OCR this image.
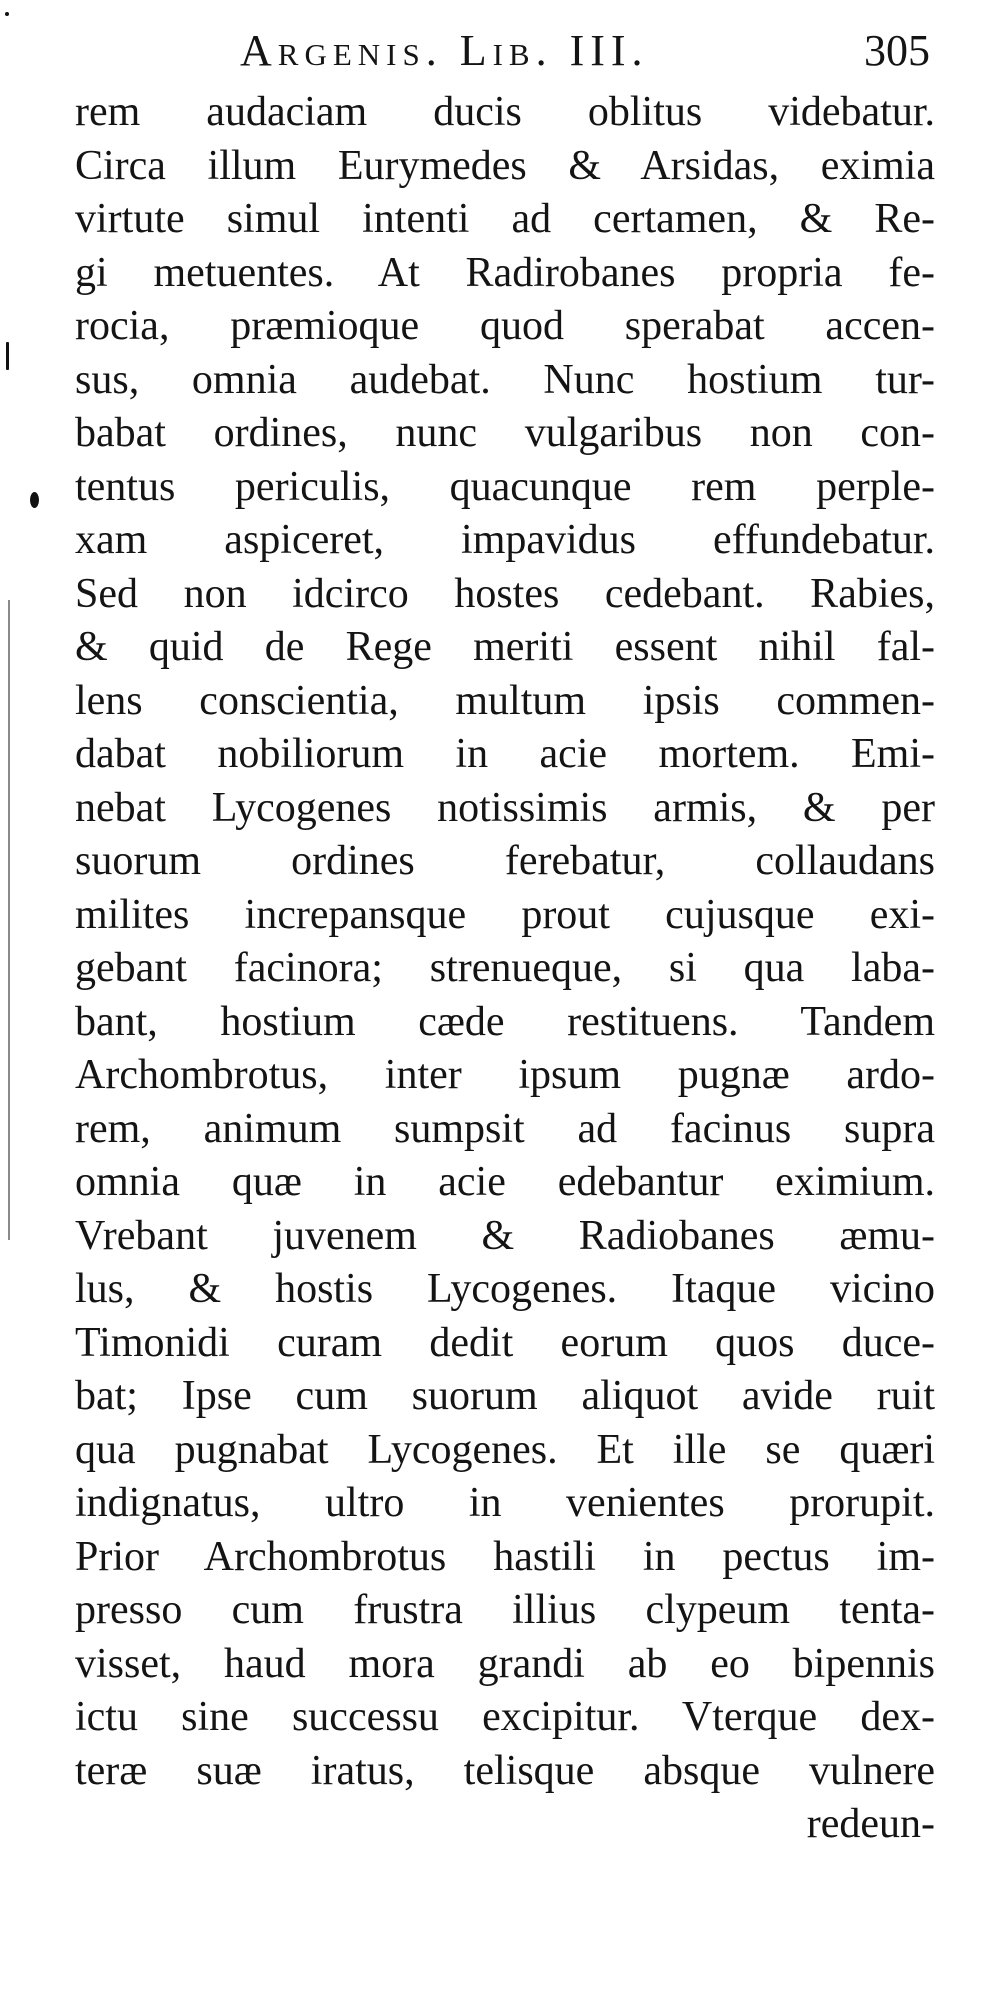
Argenis. Lib. III.	305
rem audaciam ducis oblitus videbatur.
Circa illum Eurymedes & Arsidas, eximia
virtute simul intenti ad certamen, & Re-
gi metuentes. At Radirobanes propria fe-
rocia, præmioque quod sperabat accen-
sus, omnia audebat. Nunc hostium tur-
babat ordines, nunc vulgaribus non con-
tentus periculis, quacunque rem perple-
xam aspiceret, impavidus effundebatur.
Sed non idcirco hostes cedebant. Rabies,
& quid de Rege meriti essent nihil fal-
lens conscientia, multum ipsis commen-
dabat nobiliorum in acie mortem. Emi-
nebat Lycogenes notissimis armis, & per
suorum ordines ferebatur, collaudans
milites increpansque prout cujusque exi-
gebant facinora; strenueque, si qua laba-
bant, hostium cæde restituens. Tandem
Archombrotus, inter ipsum pugnæ ardo-
rem, animum sumpsit ad facinus supra
omnia quæ in acie edebantur eximium.
Vrebant juvenem & Radiobanes æmu-
lus, & hostis Lycogenes. Itaque vicino
Timonidi curam dedit eorum quos duce-
bat; Ipse cum suorum aliquot avide ruit
qua pugnabat Lycogenes. Et ille se quæri
indignatus, ultro in venientes prorupit.
Prior Archombrotus hastili in pectus im-
presso cum frustra illius clypeum tenta-
visset, haud mora grandi ab eo bipennis
ictu sine successu excipitur. Vterque dex-
teræ suæ iratus, telisque absque vulnere
redeun-
